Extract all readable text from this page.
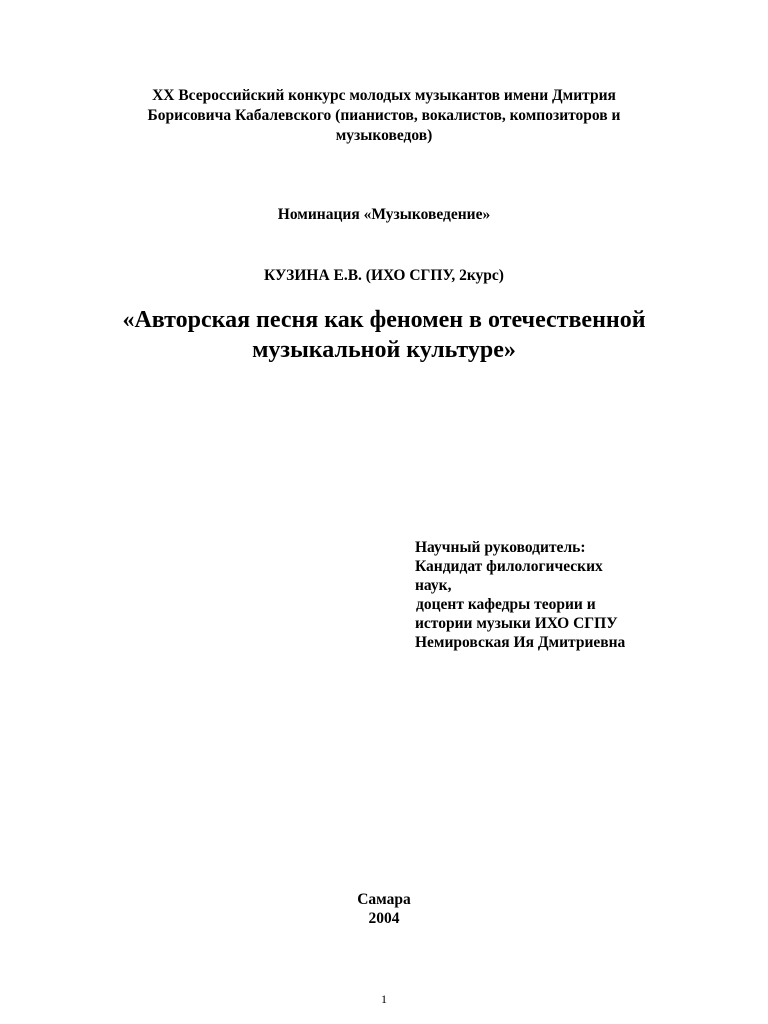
XX Всероссийский конкурс молодых музыкантов имени Дмитрия
Борисовича Кабалевского (пианистов, вокалистов, композиторов и
музыковедов)
Номинация «Музыковедение»
КУЗИНА Е.В. (ИХО СГПУ, 2курс)
«Авторская песня как феномен в отечественной
музыкальной культуре»
Научный руководитель:
Кандидат филологических
наук,
доцент кафедры теории и
истории музыки ИХО СГПУ
Немировская Ия Дмитриевна
Самара
2004
1
